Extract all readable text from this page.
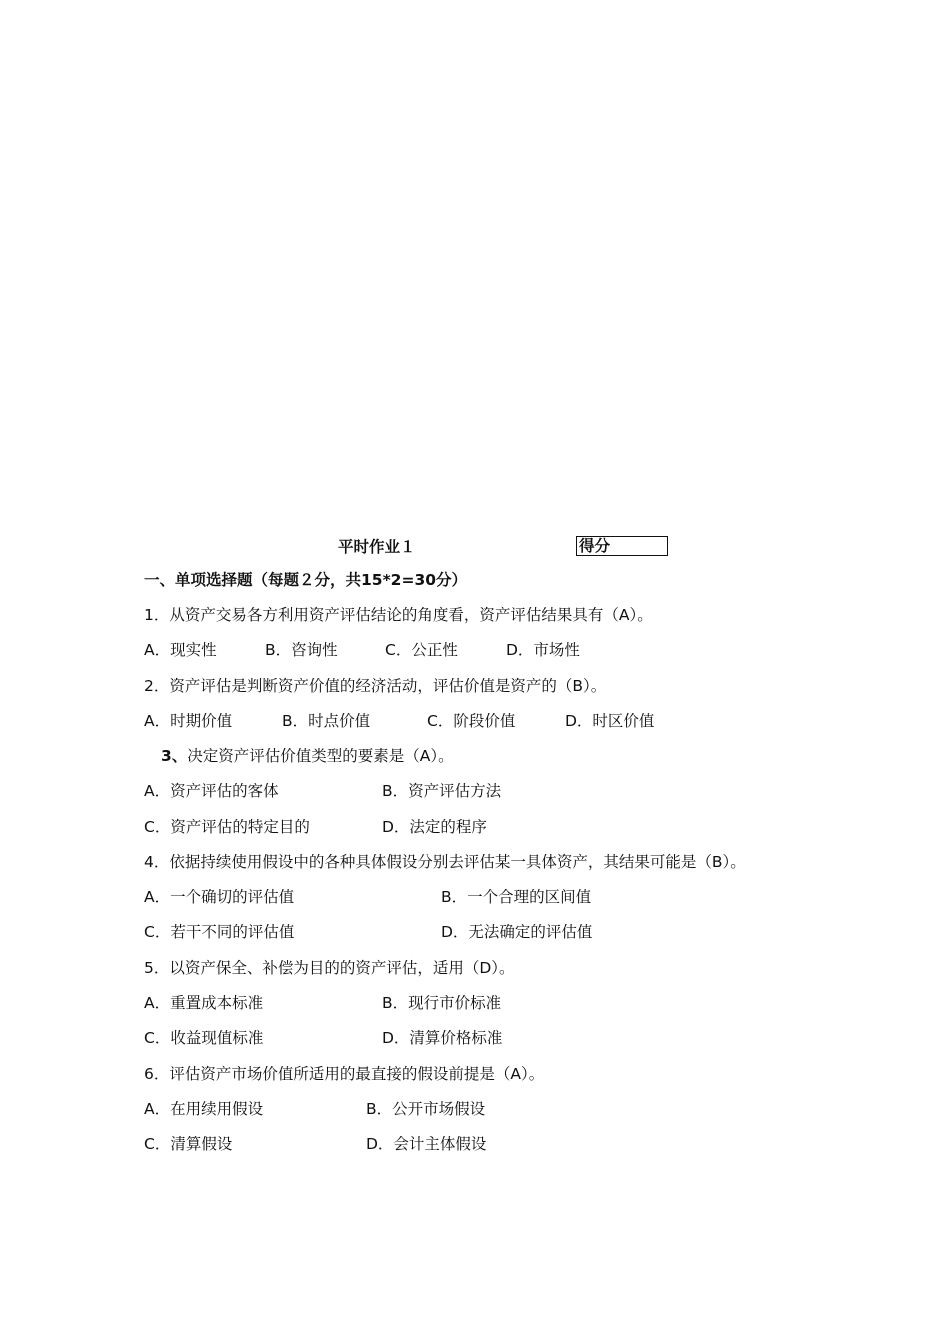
平时作业１	得分
一、单项选择题（每题２分，共15*2=30分）
1．从资产交易各方利用资产评估结论的角度看，资产评估结果具有（A）。
A．现实性	B．咨询性	C．公正性	D．市场性
2．资产评估是判断资产价值的经济活动，评估价值是资产的（B）。
A．时期价值	B．时点价值	C．阶段价值	D．时区价值
3、决定资产评估价值类型的要素是（A）。
A．资产评估的客体	B．资产评估方法
C．资产评估的特定目的	D．法定的程序
4．依据持续使用假设中的各种具体假设分别去评估某一具体资产，其结果可能是（B）。
A．一个确切的评估值	B．一个合理的区间值
C．若干不同的评估值	D．无法确定的评估值
5．以资产保全、补偿为目的的资产评估，适用（D）。
A．重置成本标准	B．现行市价标准
C．收益现值标准	D．清算价格标准
6．评估资产市场价值所适用的最直接的假设前提是（A）。
A．在用续用假设	B．公开市场假设
C．清算假设	D．会计主体假设
